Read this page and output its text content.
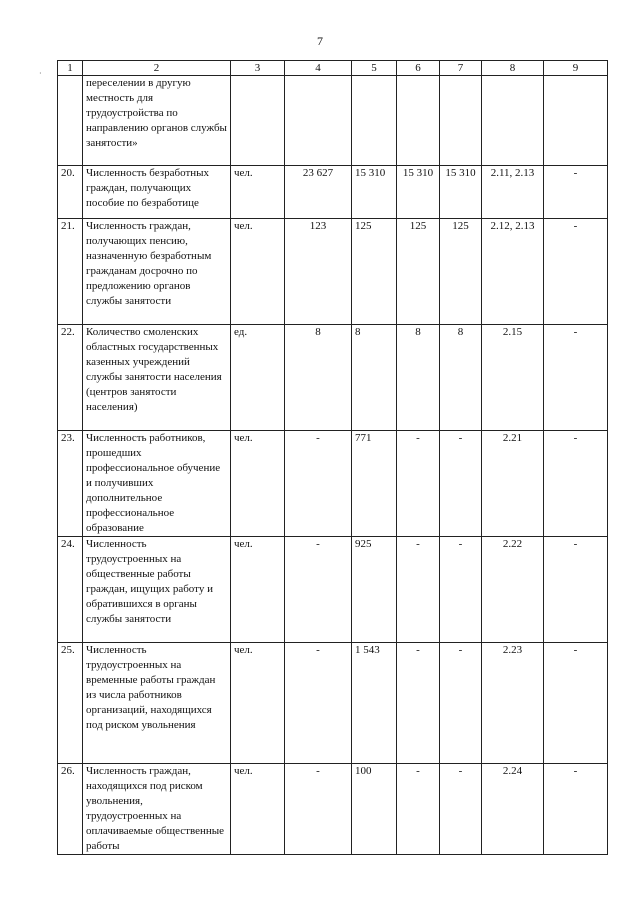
7
· 1	2	3	4	5	6	7	8	9
	переселении в другую местность для трудоустройства по направлению органов службы занятости»							
20.	Численность безработных граждан, получающих пособие по безработице	чел.	23 627	15 310	15 310	15 310	2.11, 2.13	-
21.	Численность граждан, получающих пенсию, назначенную безработным гражданам досрочно по предложению органов службы занятости	чел.	123	125	125	125	2.12, 2.13	-
22.	Количество смоленских областных государственных казенных учреждений службы занятости населения (центров занятости населения)	ед.	8	8	8	8	2.15	-
23.	Численность работников, прошедших профессиональное обучение и получивших дополнительное профессиональное образование	чел.	-	771	-	-	2.21	-
24.	Численность трудоустроенных на общественные работы граждан, ищущих работу и обратившихся в органы службы занятости	чел.	-	925	-	-	2.22	-
25.	Численность трудоустроенных на временные работы граждан из числа работников организаций, находящихся под риском увольнения	чел.	-	1 543	-	-	2.23	-
26.	Численность граждан, находящихся под риском увольнения, трудоустроенных на оплачиваемые общественные работы	чел.	-	100	-	-	2.24	-
